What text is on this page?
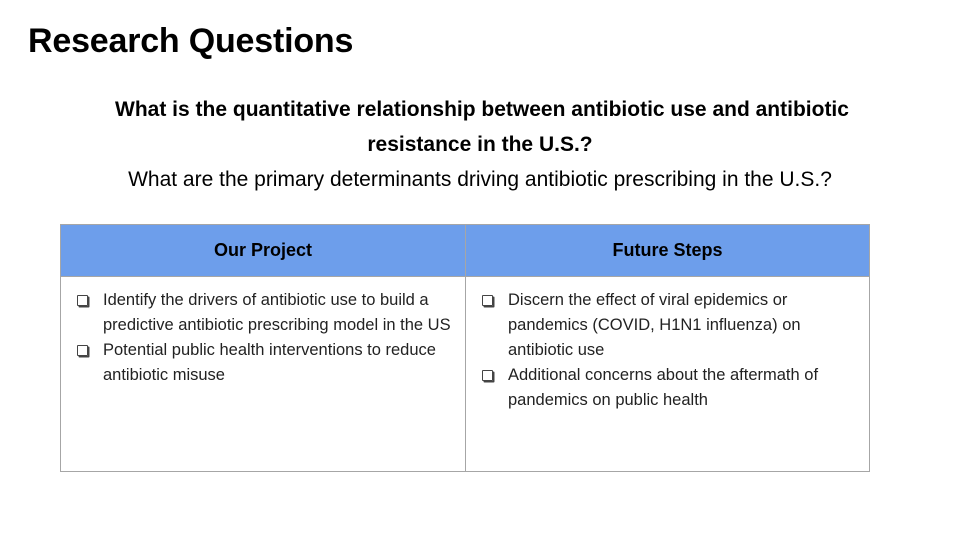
Research Questions
What is the quantitative relationship between antibiotic use and antibiotic
resistance in the U.S.?
What are the primary determinants driving antibiotic prescribing in the U.S.?
Our Project
Identify the drivers of antibiotic use to build a predictive antibiotic prescribing model in the US
Potential public health interventions to reduce antibiotic misuse
Future Steps
Discern the effect of viral epidemics or pandemics (COVID, H1N1 influenza) on antibiotic use
Additional concerns about the aftermath of pandemics on public health
